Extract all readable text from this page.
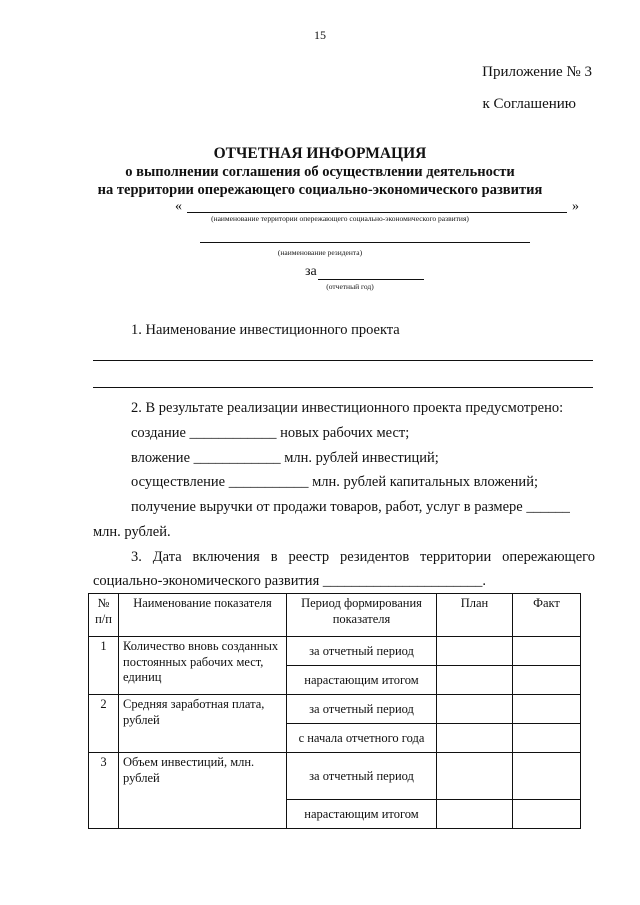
15
Приложение № 3
к Соглашению
ОТЧЕТНАЯ ИНФОРМАЦИЯ
о выполнении соглашения об осуществлении деятельности
на территории опережающего социально-экономического развития
«	»
(наименование территории опережающего социально-экономического развития)
(наименование резидента)
за
(отчетный год)
1. Наименование инвестиционного проекта
2. В результате реализации инвестиционного проекта предусмотрено:
создание ____________ новых рабочих мест;
вложение ____________ млн. рублей инвестиций;
осуществление ___________ млн. рублей капитальных вложений;
получение выручки от продажи товаров, работ, услуг в размере ______
млн. рублей.
3. Дата включения в реестр резидентов территории опережающего
социально-экономического развития ______________________.
№ п/п	Наименование показателя	Период формирования показателя	План	Факт
1	Количество вновь созданных постоянных рабочих мест, единиц	за отчетный период		
		нарастающим итогом		
2	Средняя заработная плата, рублей	за отчетный период		
		с начала отчетного года		
3	Объем инвестиций, млн. рублей	за отчетный период		
		нарастающим итогом		
